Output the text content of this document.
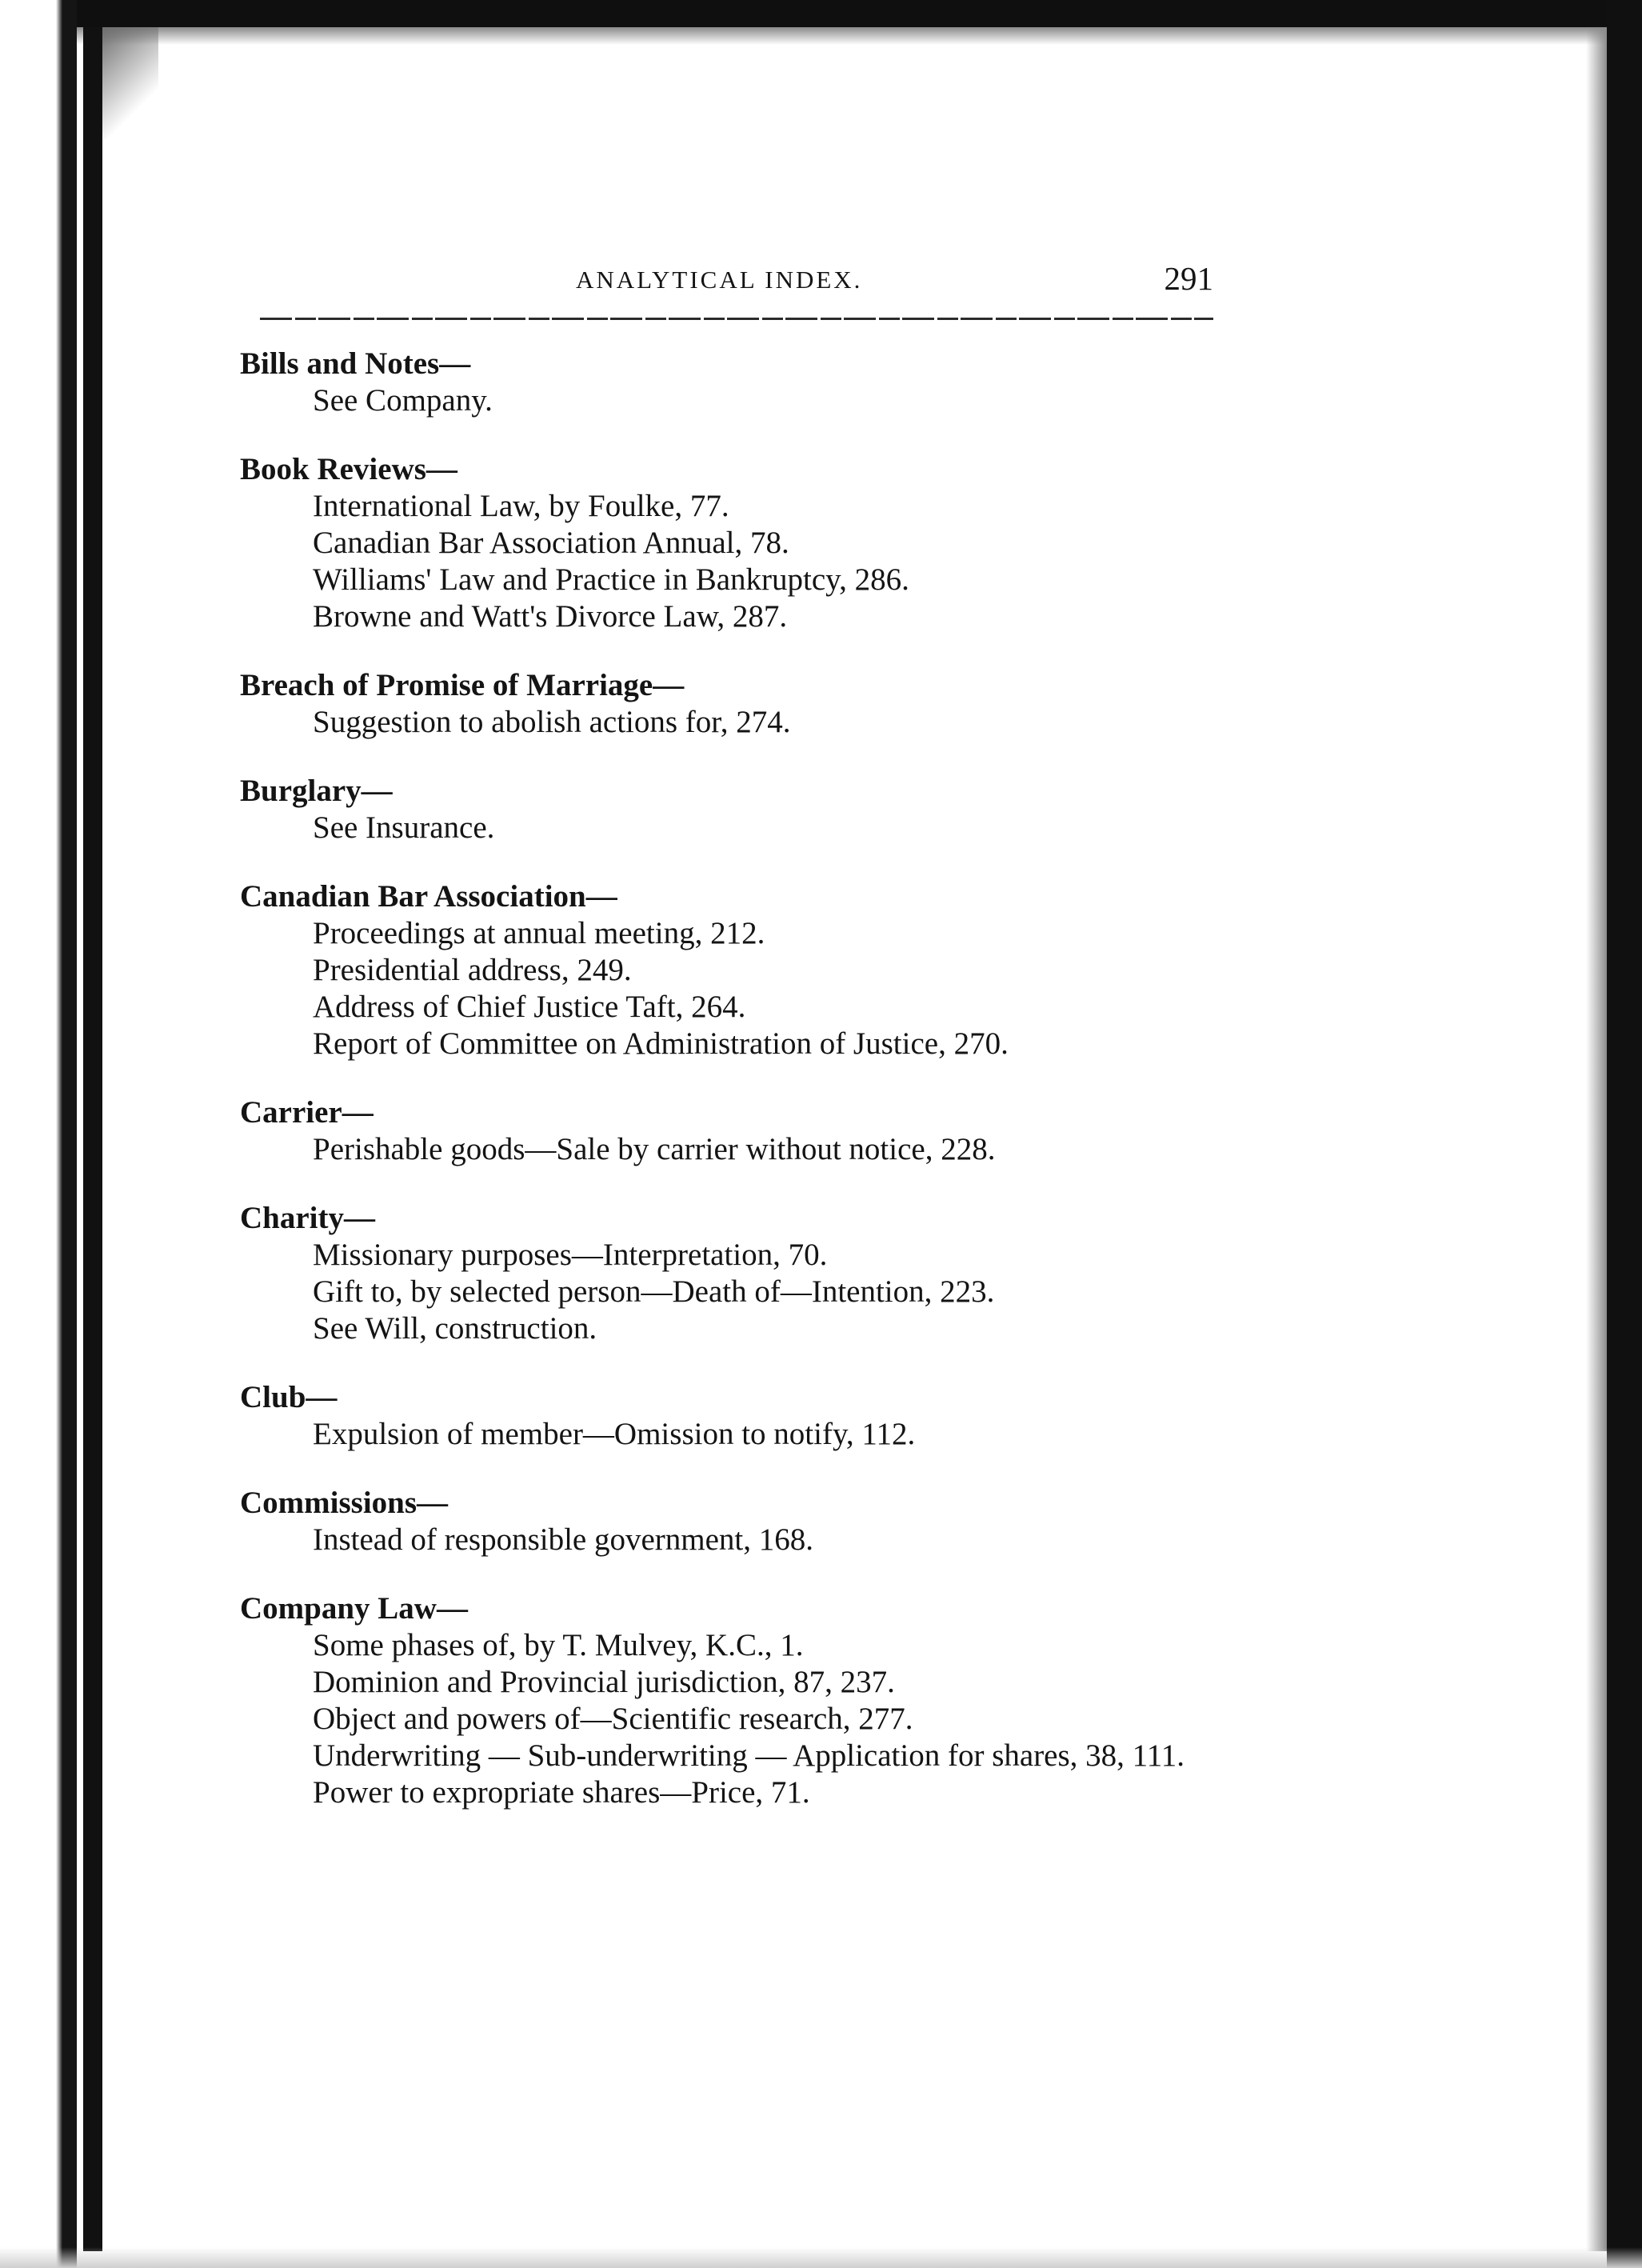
ANALYTICAL INDEX.	291
Bills and Notes—
See Company.
Book Reviews—
International Law, by Foulke, 77.
Canadian Bar Association Annual, 78.
Williams' Law and Practice in Bankruptcy, 286.
Browne and Watt's Divorce Law, 287.
Breach of Promise of Marriage—
Suggestion to abolish actions for, 274.
Burglary—
See Insurance.
Canadian Bar Association—
Proceedings at annual meeting, 212.
Presidential address, 249.
Address of Chief Justice Taft, 264.
Report of Committee on Administration of Justice, 270.
Carrier—
Perishable goods—Sale by carrier without notice, 228.
Charity—
Missionary purposes—Interpretation, 70.
Gift to, by selected person—Death of—Intention, 223.
See Will, construction.
Club—
Expulsion of member—Omission to notify, 112.
Commissions—
Instead of responsible government, 168.
Company Law—
Some phases of, by T. Mulvey, K.C., 1.
Dominion and Provincial jurisdiction, 87, 237.
Object and powers of—Scientific research, 277.
Underwriting — Sub-underwriting — Application for shares, 38, 111.
Power to expropriate shares—Price, 71.
